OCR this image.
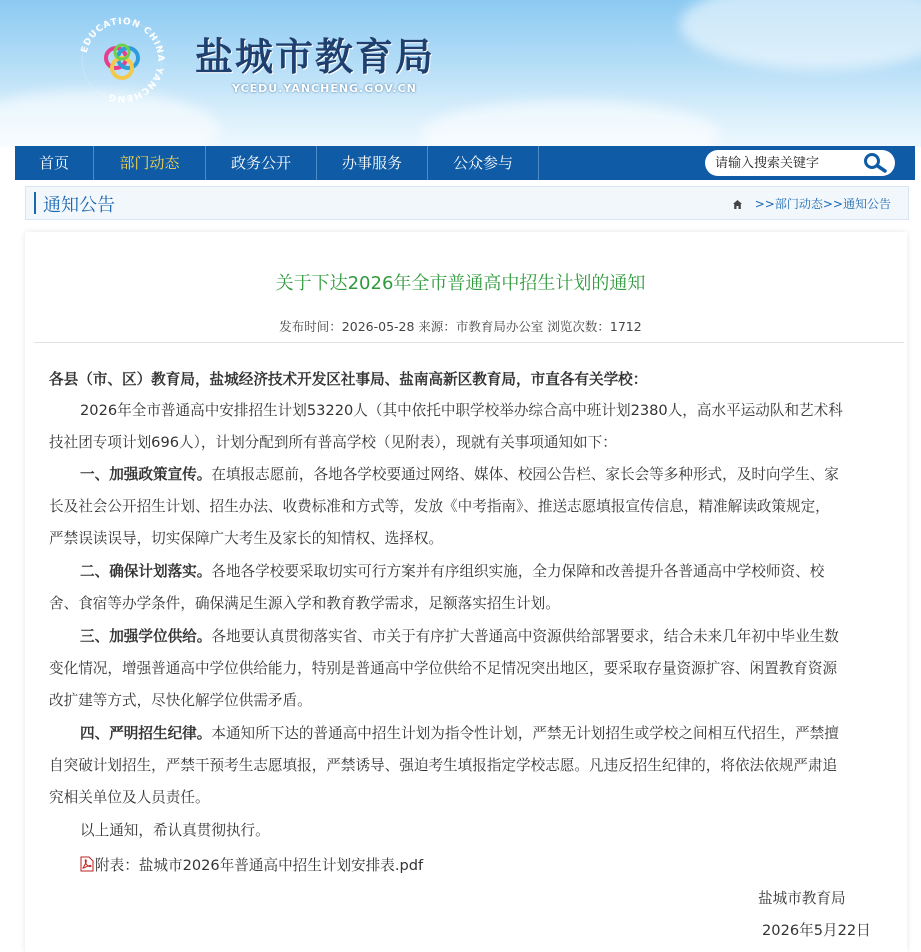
EDUCATION CHINA YANCHENG
盐城市教育局
YCEDU.YANCHENG.GOV.CN
首页	部门动态	政务公开	办事服务	公众参与
请输入搜索关键字
通知公告	>>部门动态>>通知公告
关于下达2026年全市普通高中招生计划的通知
发布时间：2026-05-28 来源：市教育局办公室 浏览次数：1712
各县（市、区）教育局，盐城经济技术开发区社事局、盐南高新区教育局，市直各有关学校：
2026年全市普通高中安排招生计划53220人（其中依托中职学校举办综合高中班计划2380人，高水平运动队和艺术科
技社团专项计划696人），计划分配到所有普高学校（见附表），现就有关事项通知如下：
一、加强政策宣传。在填报志愿前，各地各学校要通过网络、媒体、校园公告栏、家长会等多种形式，及时向学生、家
长及社会公开招生计划、招生办法、收费标准和方式等，发放《中考指南》、推送志愿填报宣传信息，精准解读政策规定，
严禁误读误导，切实保障广大考生及家长的知情权、选择权。
二、确保计划落实。各地各学校要采取切实可行方案并有序组织实施，全力保障和改善提升各普通高中学校师资、校
舍、食宿等办学条件，确保满足生源入学和教育教学需求，足额落实招生计划。
三、加强学位供给。各地要认真贯彻落实省、市关于有序扩大普通高中资源供给部署要求，结合未来几年初中毕业生数
变化情况，增强普通高中学位供给能力，特别是普通高中学位供给不足情况突出地区，要采取存量资源扩容、闲置教育资源
改扩建等方式，尽快化解学位供需矛盾。
四、严明招生纪律。本通知所下达的普通高中招生计划为指令性计划，严禁无计划招生或学校之间相互代招生，严禁擅
自突破计划招生，严禁干预考生志愿填报，严禁诱导、强迫考生填报指定学校志愿。凡违反招生纪律的，将依法依规严肃追
究相关单位及人员责任。
以上通知，希认真贯彻执行。
附表：盐城市2026年普通高中招生计划安排表.pdf
盐城市教育局
2026年5月22日
